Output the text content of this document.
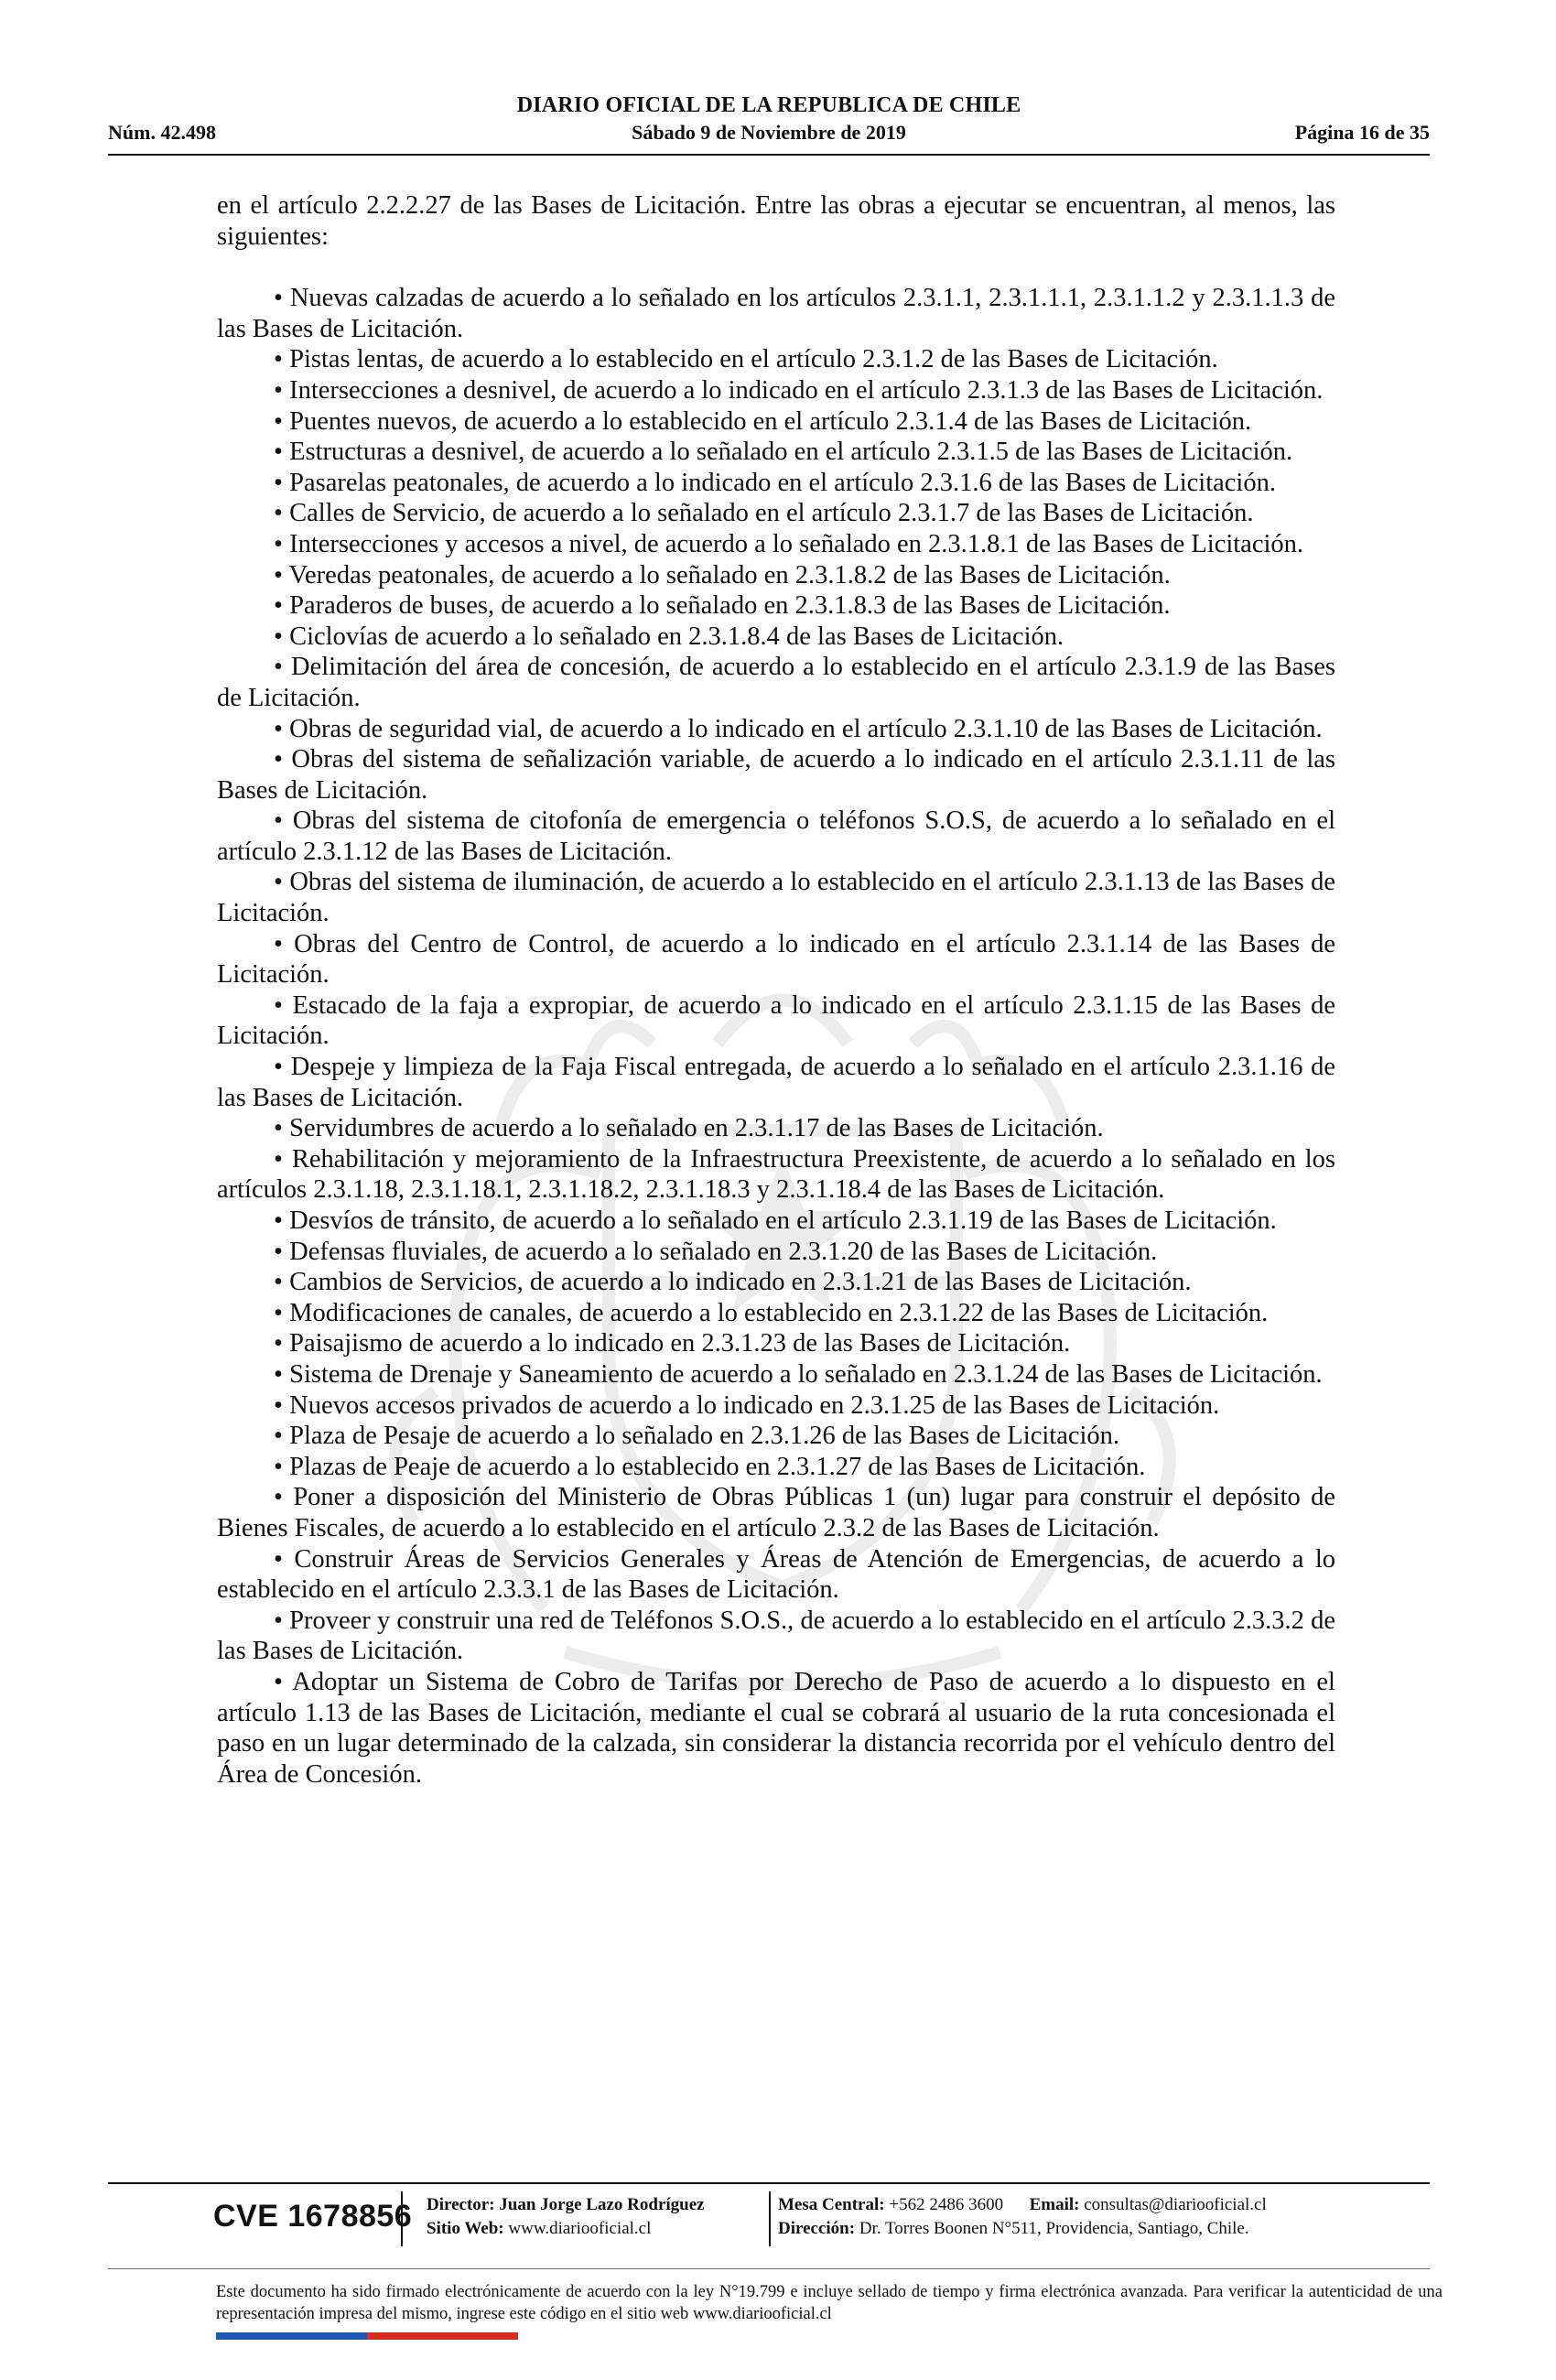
DIARIO OFICIAL DE LA REPUBLICA DE CHILE
Núm. 42.498	Sábado 9 de Noviembre de 2019	Página 16 de 35

en el artículo 2.2.2.27 de las Bases de Licitación. Entre las obras a ejecutar se encuentran, al menos, las siguientes:

• Nuevas calzadas de acuerdo a lo señalado en los artículos 2.3.1.1, 2.3.1.1.1, 2.3.1.1.2 y 2.3.1.1.3 de las Bases de Licitación.
• Pistas lentas, de acuerdo a lo establecido en el artículo 2.3.1.2 de las Bases de Licitación.
• Intersecciones a desnivel, de acuerdo a lo indicado en el artículo 2.3.1.3 de las Bases de Licitación.
• Puentes nuevos, de acuerdo a lo establecido en el artículo 2.3.1.4 de las Bases de Licitación.
• Estructuras a desnivel, de acuerdo a lo señalado en el artículo 2.3.1.5 de las Bases de Licitación.
• Pasarelas peatonales, de acuerdo a lo indicado en el artículo 2.3.1.6 de las Bases de Licitación.
• Calles de Servicio, de acuerdo a lo señalado en el artículo 2.3.1.7 de las Bases de Licitación.
• Intersecciones y accesos a nivel, de acuerdo a lo señalado en 2.3.1.8.1 de las Bases de Licitación.
• Veredas peatonales, de acuerdo a lo señalado en 2.3.1.8.2 de las Bases de Licitación.
• Paraderos de buses, de acuerdo a lo señalado en 2.3.1.8.3 de las Bases de Licitación.
• Ciclovías de acuerdo a lo señalado en 2.3.1.8.4 de las Bases de Licitación.
• Delimitación del área de concesión, de acuerdo a lo establecido en el artículo 2.3.1.9 de las Bases de Licitación.
• Obras de seguridad vial, de acuerdo a lo indicado en el artículo 2.3.1.10 de las Bases de Licitación.
• Obras del sistema de señalización variable, de acuerdo a lo indicado en el artículo 2.3.1.11 de las Bases de Licitación.
• Obras del sistema de citofonía de emergencia o teléfonos S.O.S, de acuerdo a lo señalado en el artículo 2.3.1.12 de las Bases de Licitación.
• Obras del sistema de iluminación, de acuerdo a lo establecido en el artículo 2.3.1.13 de las Bases de Licitación.
• Obras del Centro de Control, de acuerdo a lo indicado en el artículo 2.3.1.14 de las Bases de Licitación.
• Estacado de la faja a expropiar, de acuerdo a lo indicado en el artículo 2.3.1.15 de las Bases de Licitación.
• Despeje y limpieza de la Faja Fiscal entregada, de acuerdo a lo señalado en el artículo 2.3.1.16 de las Bases de Licitación.
• Servidumbres de acuerdo a lo señalado en 2.3.1.17 de las Bases de Licitación.
• Rehabilitación y mejoramiento de la Infraestructura Preexistente, de acuerdo a lo señalado en los artículos 2.3.1.18, 2.3.1.18.1, 2.3.1.18.2, 2.3.1.18.3 y 2.3.1.18.4 de las Bases de Licitación.
• Desvíos de tránsito, de acuerdo a lo señalado en el artículo 2.3.1.19 de las Bases de Licitación.
• Defensas fluviales, de acuerdo a lo señalado en 2.3.1.20 de las Bases de Licitación.
• Cambios de Servicios, de acuerdo a lo indicado en 2.3.1.21 de las Bases de Licitación.
• Modificaciones de canales, de acuerdo a lo establecido en 2.3.1.22 de las Bases de Licitación.
• Paisajismo de acuerdo a lo indicado en 2.3.1.23 de las Bases de Licitación.
• Sistema de Drenaje y Saneamiento de acuerdo a lo señalado en 2.3.1.24 de las Bases de Licitación.
• Nuevos accesos privados de acuerdo a lo indicado en 2.3.1.25 de las Bases de Licitación.
• Plaza de Pesaje de acuerdo a lo señalado en 2.3.1.26 de las Bases de Licitación.
• Plazas de Peaje de acuerdo a lo establecido en 2.3.1.27 de las Bases de Licitación.
• Poner a disposición del Ministerio de Obras Públicas 1 (un) lugar para construir el depósito de Bienes Fiscales, de acuerdo a lo establecido en el artículo 2.3.2 de las Bases de Licitación.
• Construir Áreas de Servicios Generales y Áreas de Atención de Emergencias, de acuerdo a lo establecido en el artículo 2.3.3.1 de las Bases de Licitación.
• Proveer y construir una red de Teléfonos S.O.S., de acuerdo a lo establecido en el artículo 2.3.3.2 de las Bases de Licitación.
• Adoptar un Sistema de Cobro de Tarifas por Derecho de Paso de acuerdo a lo dispuesto en el artículo 1.13 de las Bases de Licitación, mediante el cual se cobrará al usuario de la ruta concesionada el paso en un lugar determinado de la calzada, sin considerar la distancia recorrida por el vehículo dentro del Área de Concesión.
CVE 1678856 Director: Juan Jorge Lazo Rodríguez
Sitio Web: www.diariooficial.cl
Mesa Central: +562 2486 3600 Email: consultas@diariooficial.cl
Dirección: Dr. Torres Boonen N°511, Providencia, Santiago, Chile.
Este documento ha sido firmado electrónicamente de acuerdo con la ley N°19.799 e incluye sellado de tiempo y firma electrónica avanzada. Para verificar la autenticidad de una representación impresa del mismo, ingrese este código en el sitio web www.diariooficial.cl
